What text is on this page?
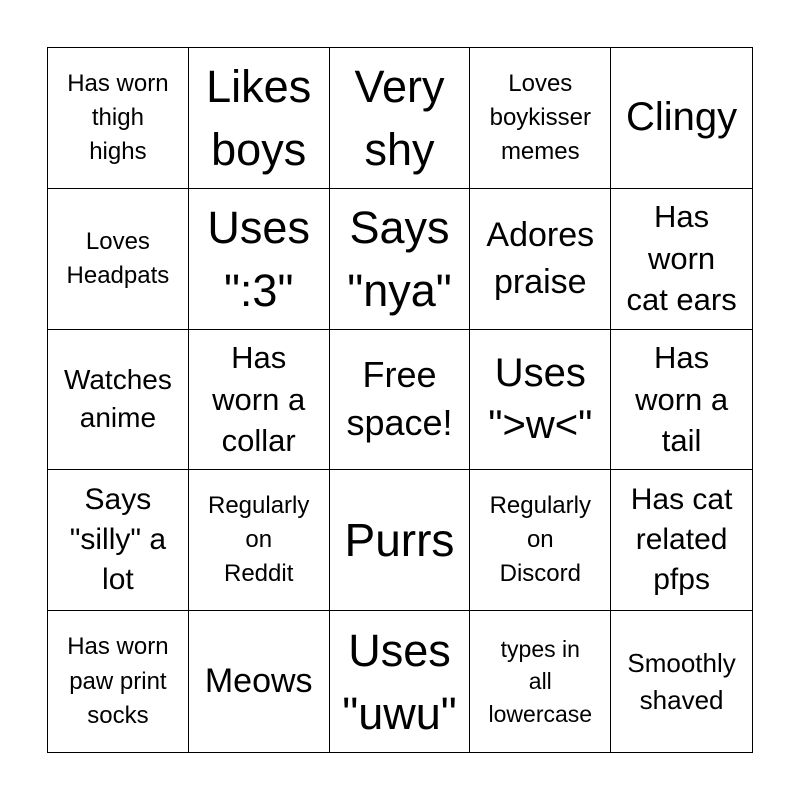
Has worn
thigh
highs
Likes
boys
Very
shy
Loves
boykisser
memes
Clingy
Loves
Headpats
Uses
":3"
Says
"nya"
Adores
praise
Has
worn
cat ears
Watches
anime
Has
worn a
collar
Free
space!
Uses
">w<"
Has
worn a
tail
Says
"silly" a
lot
Regularly
on
Reddit
Purrs
Regularly
on
Discord
Has cat
related
pfps
Has worn
paw print
socks
Meows
Uses
"uwu"
types in
all
lowercase
Smoothly
shaved
